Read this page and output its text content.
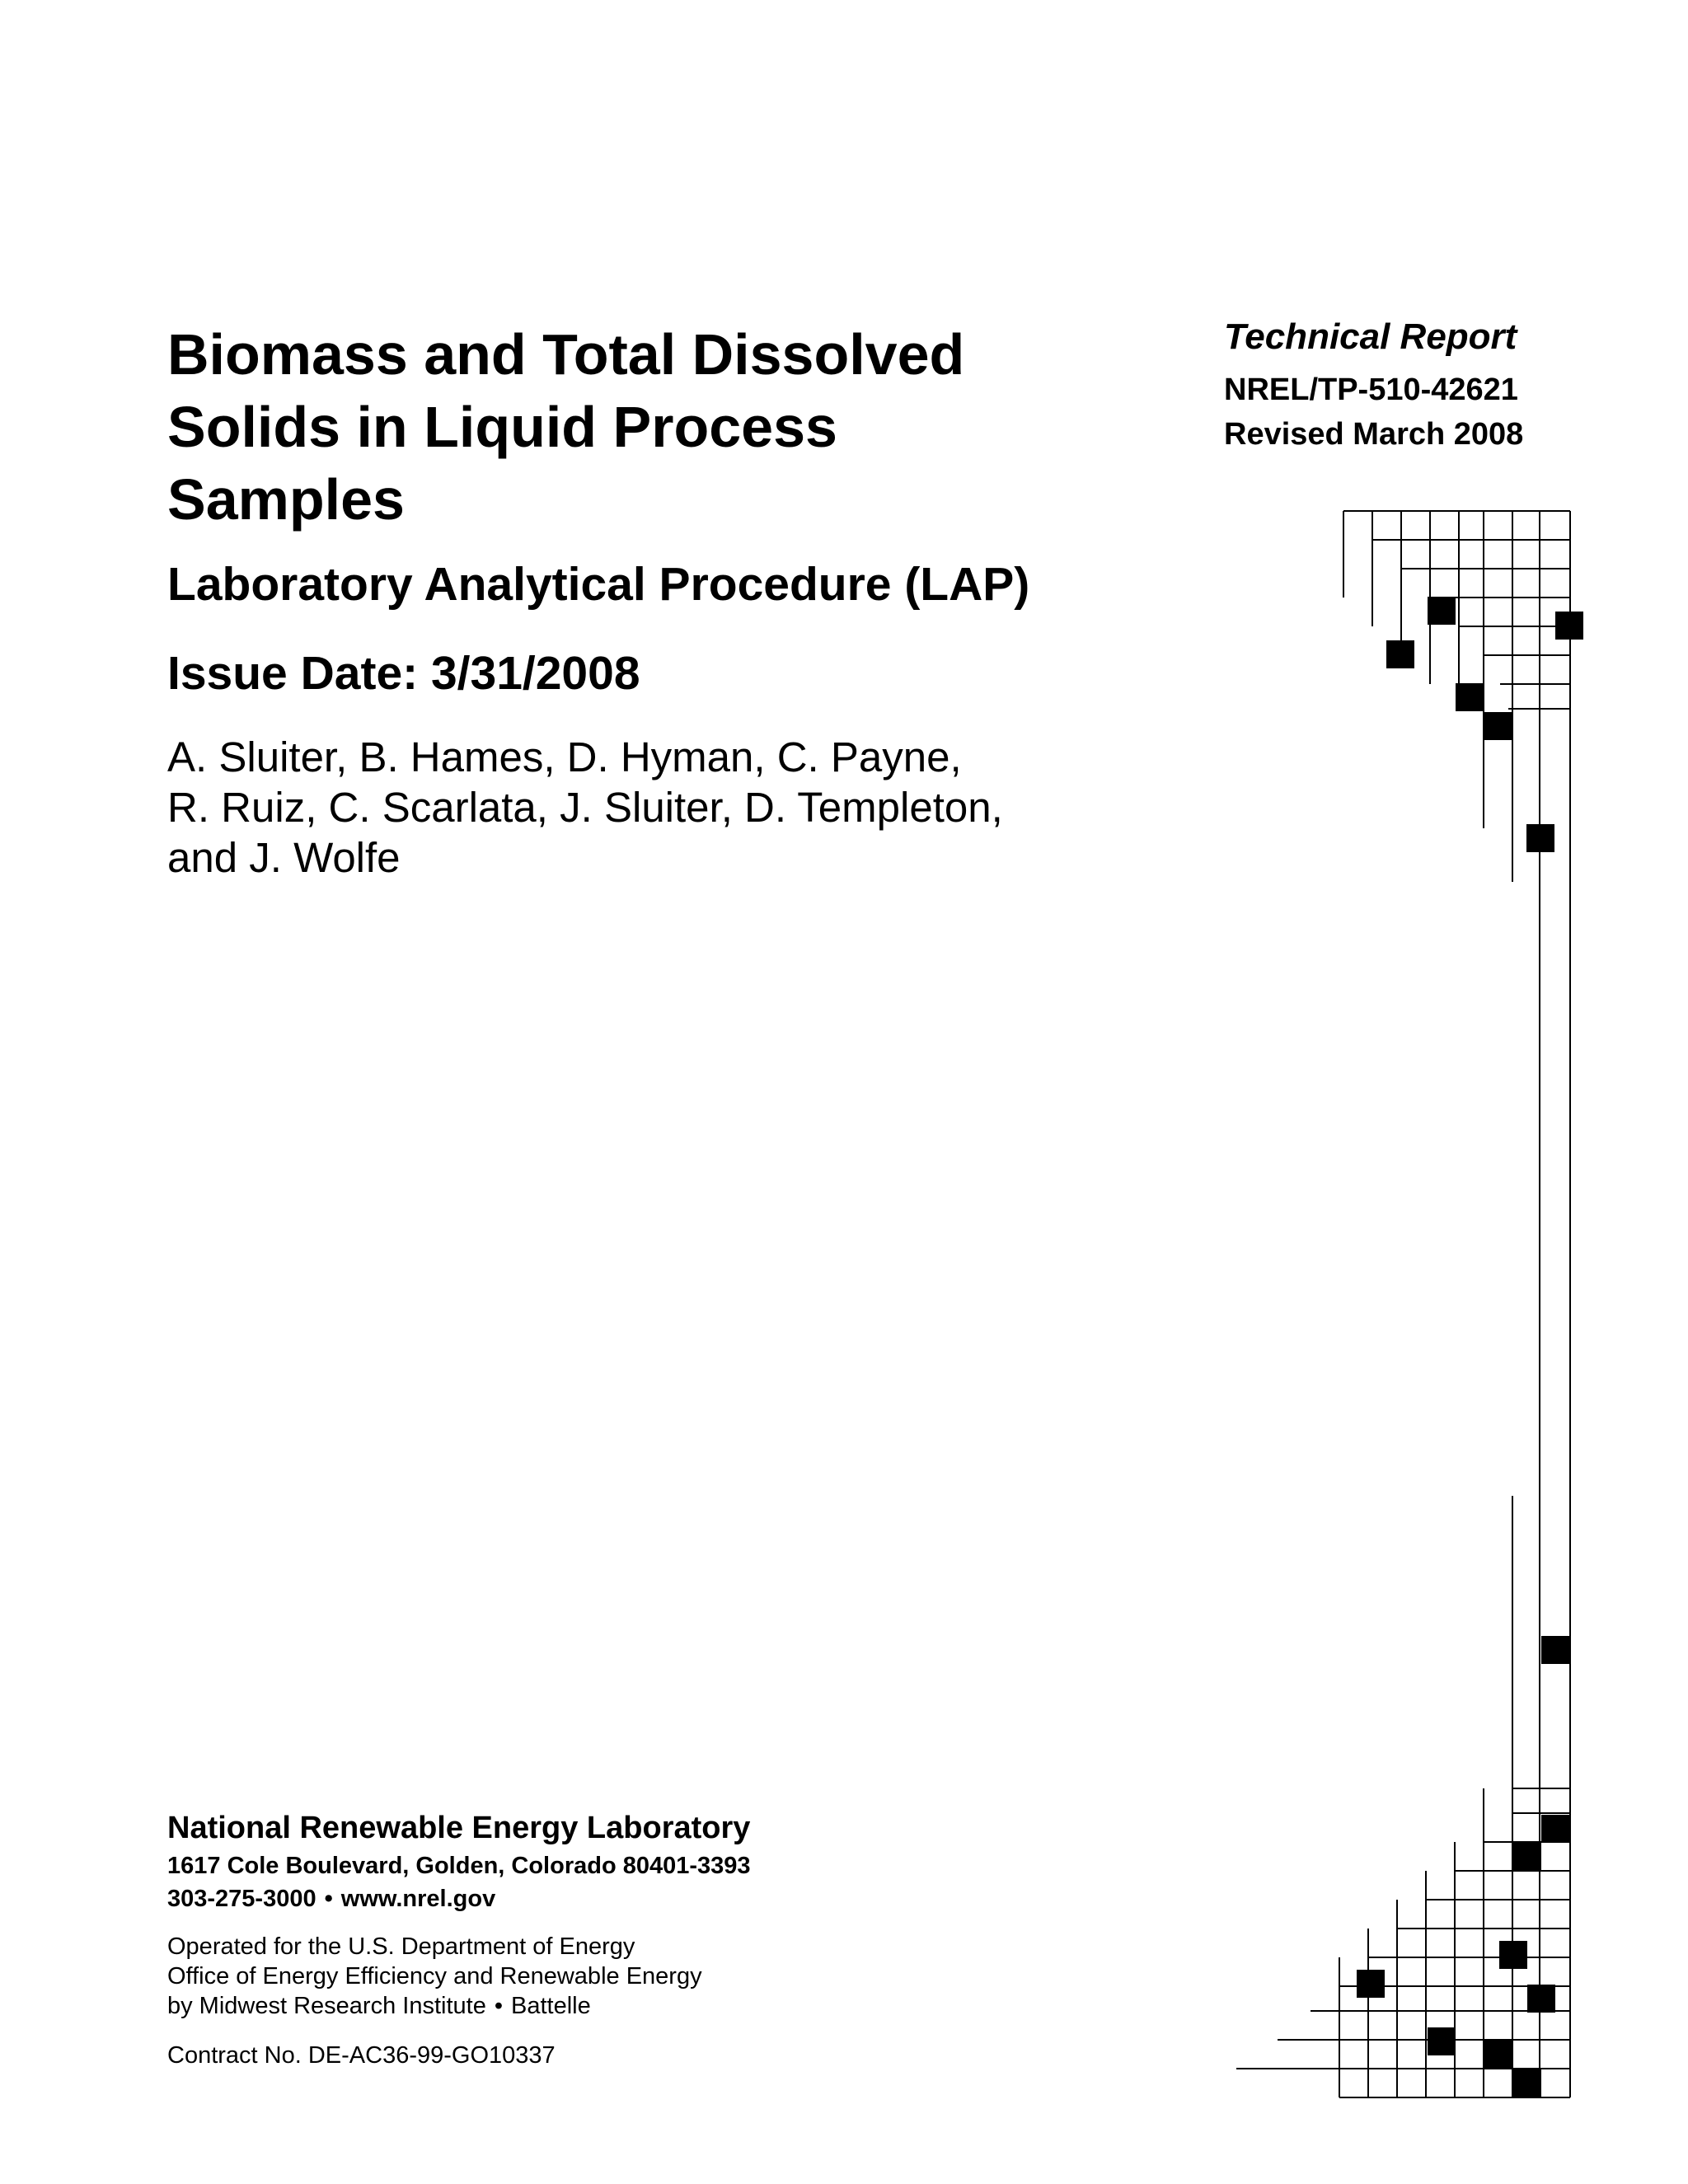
Biomass and Total Dissolved
Solids in Liquid Process
Samples
Laboratory Analytical Procedure (LAP)
Issue Date: 3/31/2008
A. Sluiter, B. Hames, D. Hyman, C. Payne,
R. Ruiz, C. Scarlata, J. Sluiter, D. Templeton,
and J. Wolfe
Technical Report
NREL/TP-510-42621
Revised March 2008
National Renewable Energy Laboratory
1617 Cole Boulevard, Golden, Colorado 80401-3393
303-275-3000 • www.nrel.gov
Operated for the U.S. Department of Energy
Office of Energy Efficiency and Renewable Energy
by Midwest Research Institute • Battelle
Contract No. DE-AC36-99-GO10337
